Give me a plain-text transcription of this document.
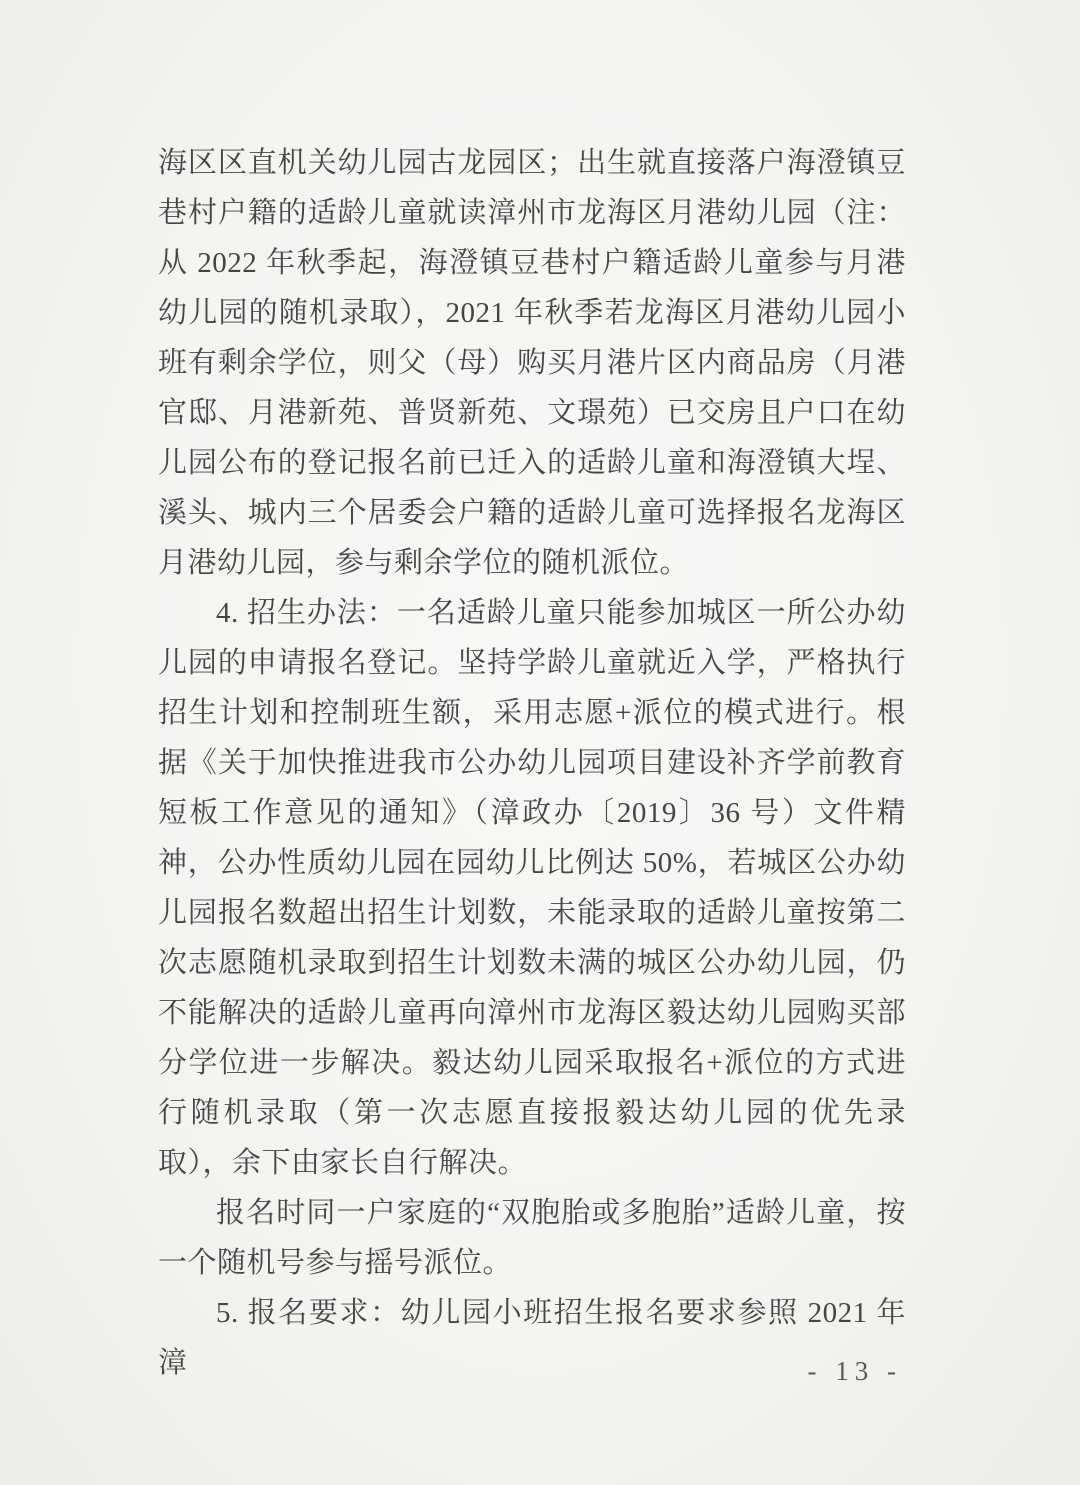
海区区直机关幼儿园古龙园区；出生就直接落户海澄镇豆巷村户籍的适龄儿童就读漳州市龙海区月港幼儿园（注：从 2022 年秋季起，海澄镇豆巷村户籍适龄儿童参与月港幼儿园的随机录取），2021 年秋季若龙海区月港幼儿园小班有剩余学位，则父（母）购买月港片区内商品房（月港官邸、月港新苑、普贤新苑、文璟苑）已交房且户口在幼儿园公布的登记报名前已迁入的适龄儿童和海澄镇大埕、溪头、城内三个居委会户籍的适龄儿童可选择报名龙海区月港幼儿园，参与剩余学位的随机派位。

4. 招生办法：一名适龄儿童只能参加城区一所公办幼儿园的申请报名登记。坚持学龄儿童就近入学，严格执行招生计划和控制班生额，采用志愿+派位的模式进行。根据《关于加快推进我市公办幼儿园项目建设补齐学前教育短板工作意见的通知》（漳政办〔2019〕36 号）文件精神，公办性质幼儿园在园幼儿比例达 50%，若城区公办幼儿园报名数超出招生计划数，未能录取的适龄儿童按第二次志愿随机录取到招生计划数未满的城区公办幼儿园，仍不能解决的适龄儿童再向漳州市龙海区毅达幼儿园购买部分学位进一步解决。毅达幼儿园采取报名+派位的方式进行随机录取（第一次志愿直接报毅达幼儿园的优先录取），余下由家长自行解决。

报名时同一户家庭的“双胞胎或多胞胎”适龄儿童，按一个随机号参与摇号派位。

5. 报名要求：幼儿园小班招生报名要求参照 2021 年漳	- 13 -
